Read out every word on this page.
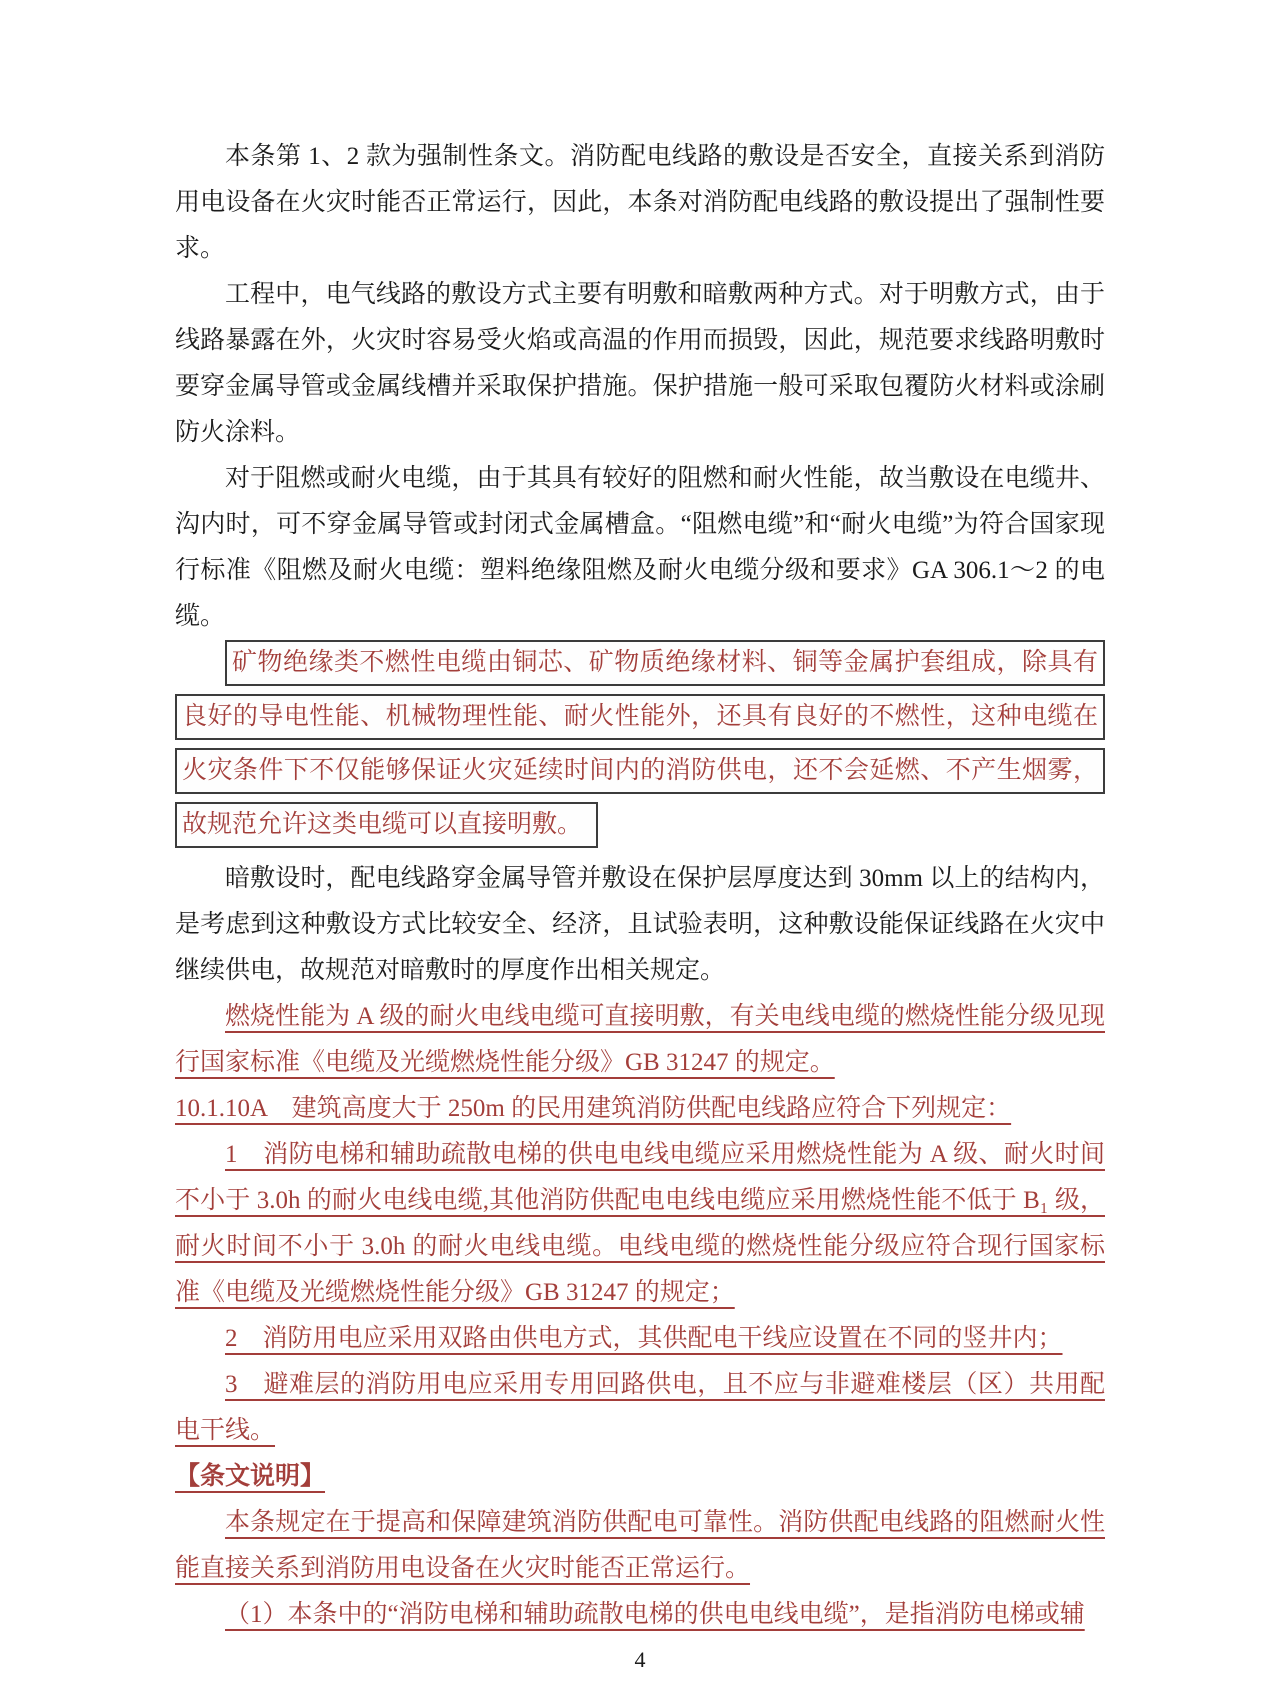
本条第 1、2 款为强制性条文。消防配电线路的敷设是否安全，直接关系到消防用电设备在火灾时能否正常运行，因此，本条对消防配电线路的敷设提出了强制性要求。

工程中，电气线路的敷设方式主要有明敷和暗敷两种方式。对于明敷方式，由于线路暴露在外，火灾时容易受火焰或高温的作用而损毁，因此，规范要求线路明敷时要穿金属导管或金属线槽并采取保护措施。保护措施一般可采取包覆防火材料或涂刷防火涂料。

对于阻燃或耐火电缆，由于其具有较好的阻燃和耐火性能，故当敷设在电缆井、沟内时，可不穿金属导管或封闭式金属槽盒。“阻燃电缆”和“耐火电缆”为符合国家现行标准《阻燃及耐火电缆：塑料绝缘阻燃及耐火电缆分级和要求》GA 306.1～2 的电缆。

矿物绝缘类不燃性电缆由铜芯、矿物质绝缘材料、铜等金属护套组成，除具有
良好的导电性能、机械物理性能、耐火性能外，还具有良好的不燃性，这种电缆在
火灾条件下不仅能够保证火灾延续时间内的消防供电，还不会延燃、不产生烟雾，
故规范允许这类电缆可以直接明敷。

暗敷设时，配电线路穿金属导管并敷设在保护层厚度达到 30mm 以上的结构内，是考虑到这种敷设方式比较安全、经济，且试验表明，这种敷设能保证线路在火灾中继续供电，故规范对暗敷时的厚度作出相关规定。

燃烧性能为 A 级的耐火电线电缆可直接明敷，有关电线电缆的燃烧性能分级见现行国家标准《电缆及光缆燃烧性能分级》GB 31247 的规定。

10.1.10A　建筑高度大于 250m 的民用建筑消防供配电线路应符合下列规定：

1　消防电梯和辅助疏散电梯的供电电线电缆应采用燃烧性能为 A 级、耐火时间不小于 3.0h 的耐火电线电缆,其他消防供配电电线电缆应采用燃烧性能不低于 B₁ 级，耐火时间不小于 3.0h 的耐火电线电缆。电线电缆的燃烧性能分级应符合现行国家标准《电缆及光缆燃烧性能分级》GB 31247 的规定；

2　消防用电应采用双路由供电方式，其供配电干线应设置在不同的竖井内；

3　避难层的消防用电应采用专用回路供电，且不应与非避难楼层（区）共用配电干线。

【条文说明】

本条规定在于提高和保障建筑消防供配电可靠性。消防供配电线路的阻燃耐火性能直接关系到消防用电设备在火灾时能否正常运行。

（1）本条中的“消防电梯和辅助疏散电梯的供电电线电缆”，是指消防电梯或辅

4
